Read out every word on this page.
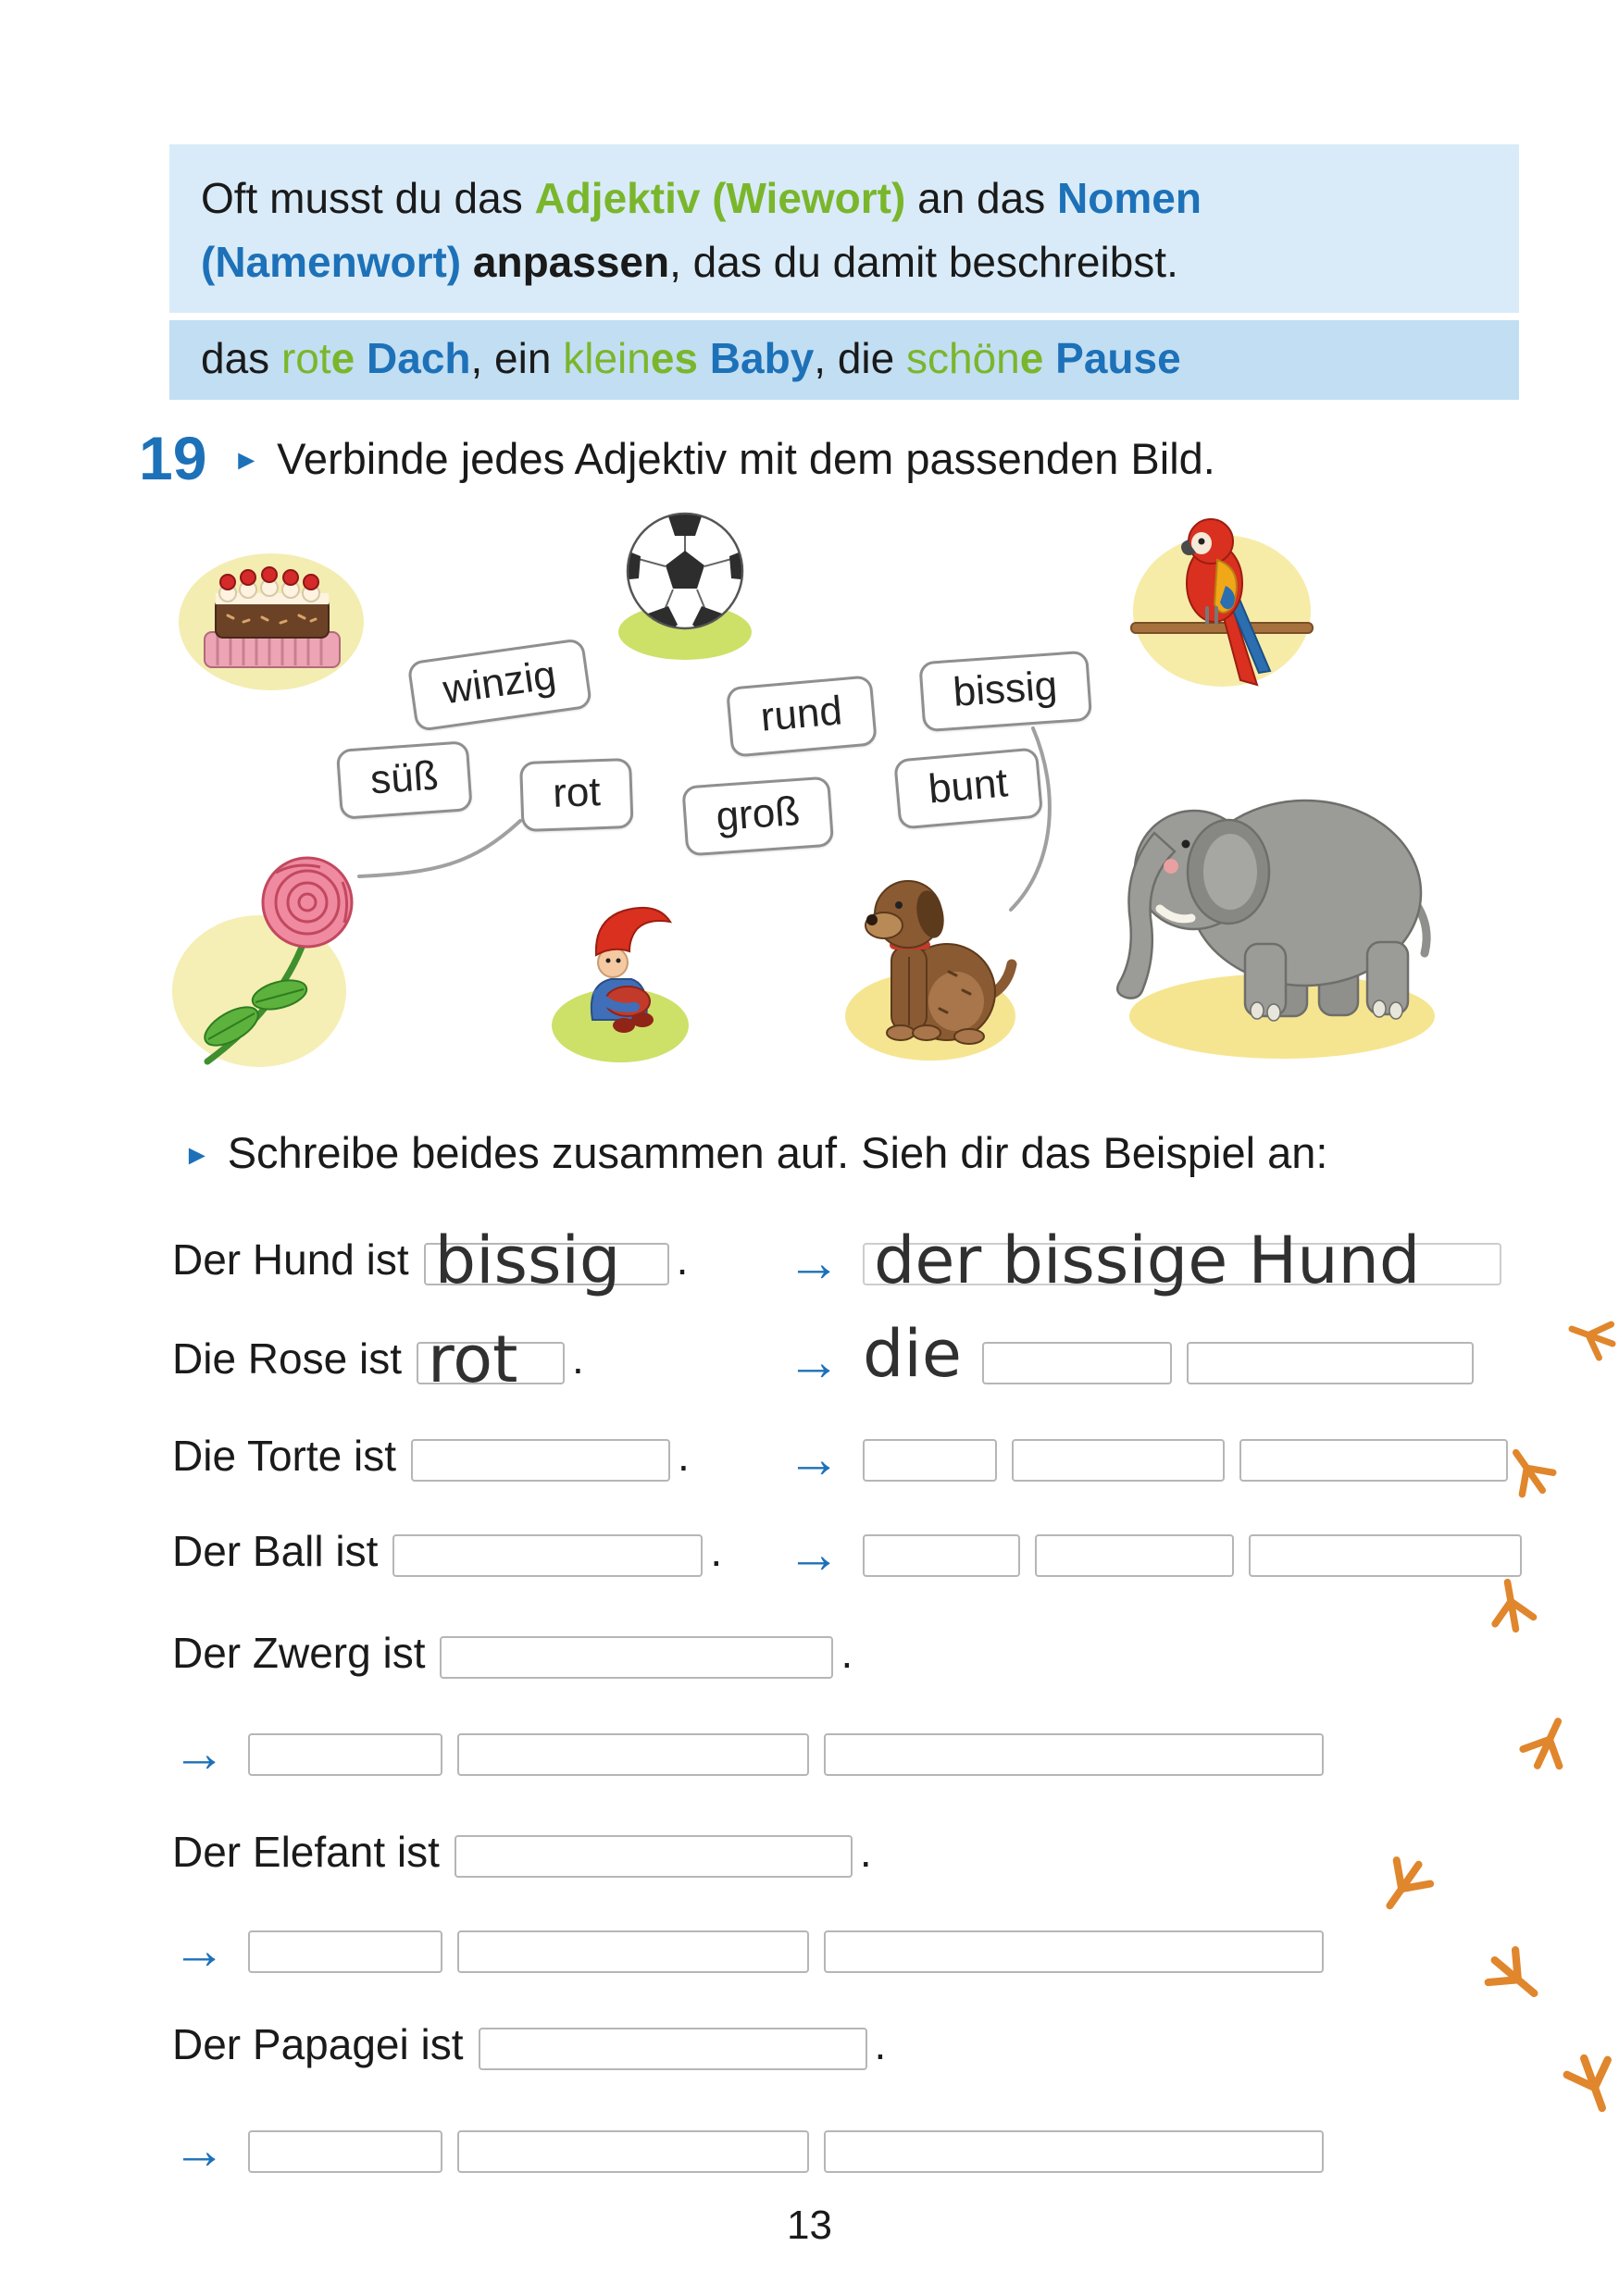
Oft musst du das Adjektiv (Wiewort) an das Nomen
(Namenwort) anpassen, das du damit beschreibst.

das rote Dach, ein kleines Baby, die schöne Pause

19 ► Verbinde jedes Adjektiv mit dem passenden Bild.
winzig
rund	bissig
süß	rot	groß
bunt
► Schreibe beides zusammen auf. Sieh dir das Beispiel an:
Der Hund ist bissig . → der bissige Hund
Die Rose ist rot .	→ die
Die Torte ist	. →
Der Ball ist	. →
Der Zwerg ist	.
→
Der Elefant ist	.
→
Der Papagei ist	.
→
13
